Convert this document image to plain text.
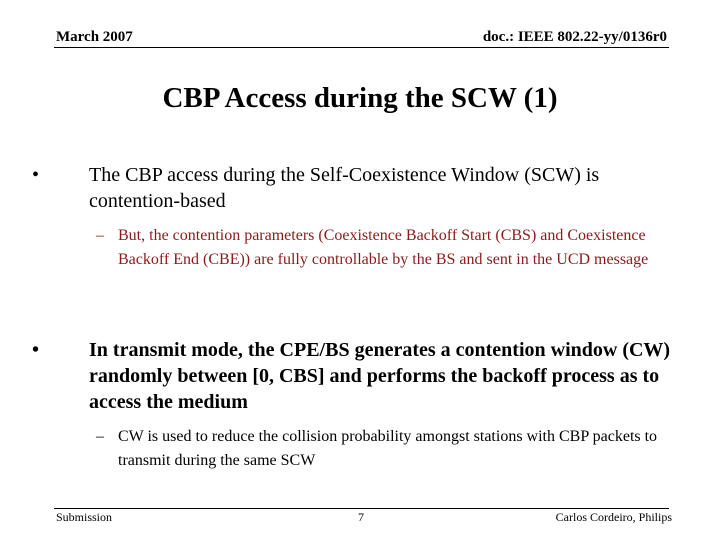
March 2007	doc.: IEEE 802.22-yy/0136r0
CBP Access during the SCW (1)
•	The CBP access during the Self-Coexistence Window (SCW) is contention-based
– But, the contention parameters (Coexistence Backoff Start (CBS) and Coexistence Backoff End (CBE)) are fully controllable by the BS and sent in the UCD message
•	In transmit mode, the CPE/BS generates a contention window (CW) randomly between [0, CBS] and performs the backoff process as to access the medium
– CW is used to reduce the collision probability amongst stations with CBP packets to transmit during the same SCW
Submission	7	Carlos Cordeiro, Philips
